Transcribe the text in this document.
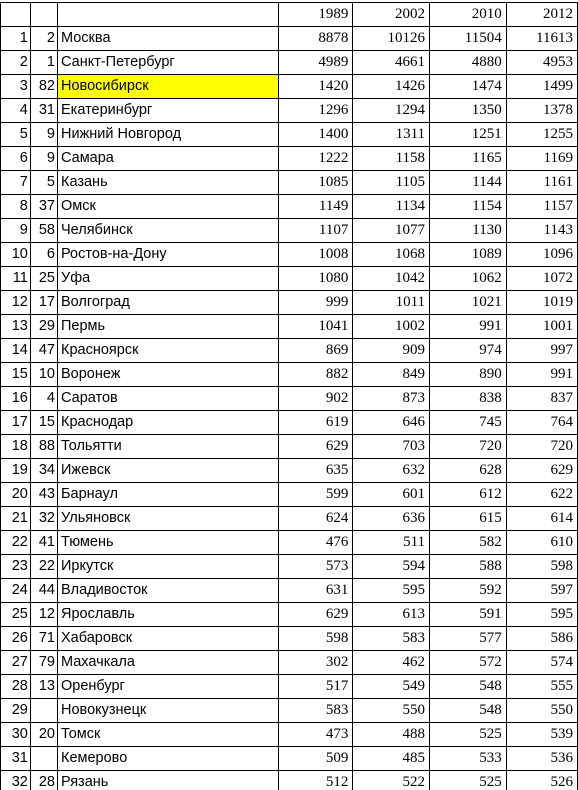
			1989	2002	2010	2012
1	2	Москва	8878	10126	11504	11613
2	1	Санкт-Петербург	4989	4661	4880	4953
3	82	Новосибирск	1420	1426	1474	1499
4	31	Екатеринбург	1296	1294	1350	1378
5	9	Нижний Новгород	1400	1311	1251	1255
6	9	Самара	1222	1158	1165	1169
7	5	Казань	1085	1105	1144	1161
8	37	Омск	1149	1134	1154	1157
9	58	Челябинск	1107	1077	1130	1143
10	6	Ростов-на-Дону	1008	1068	1089	1096
11	25	Уфа	1080	1042	1062	1072
12	17	Волгоград	999	1011	1021	1019
13	29	Пермь	1041	1002	991	1001
14	47	Красноярск	869	909	974	997
15	10	Воронеж	882	849	890	991
16	4	Саратов	902	873	838	837
17	15	Краснодар	619	646	745	764
18	88	Тольятти	629	703	720	720
19	34	Ижевск	635	632	628	629
20	43	Барнаул	599	601	612	622
21	32	Ульяновск	624	636	615	614
22	41	Тюмень	476	511	582	610
23	22	Иркутск	573	594	588	598
24	44	Владивосток	631	595	592	597
25	12	Ярославль	629	613	591	595
26	71	Хабаровск	598	583	577	586
27	79	Махачкала	302	462	572	574
28	13	Оренбург	517	549	548	555
29		Новокузнецк	583	550	548	550
30	20	Томск	473	488	525	539
31		Кемерово	509	485	533	536
32	28	Рязань	512	522	525	526
